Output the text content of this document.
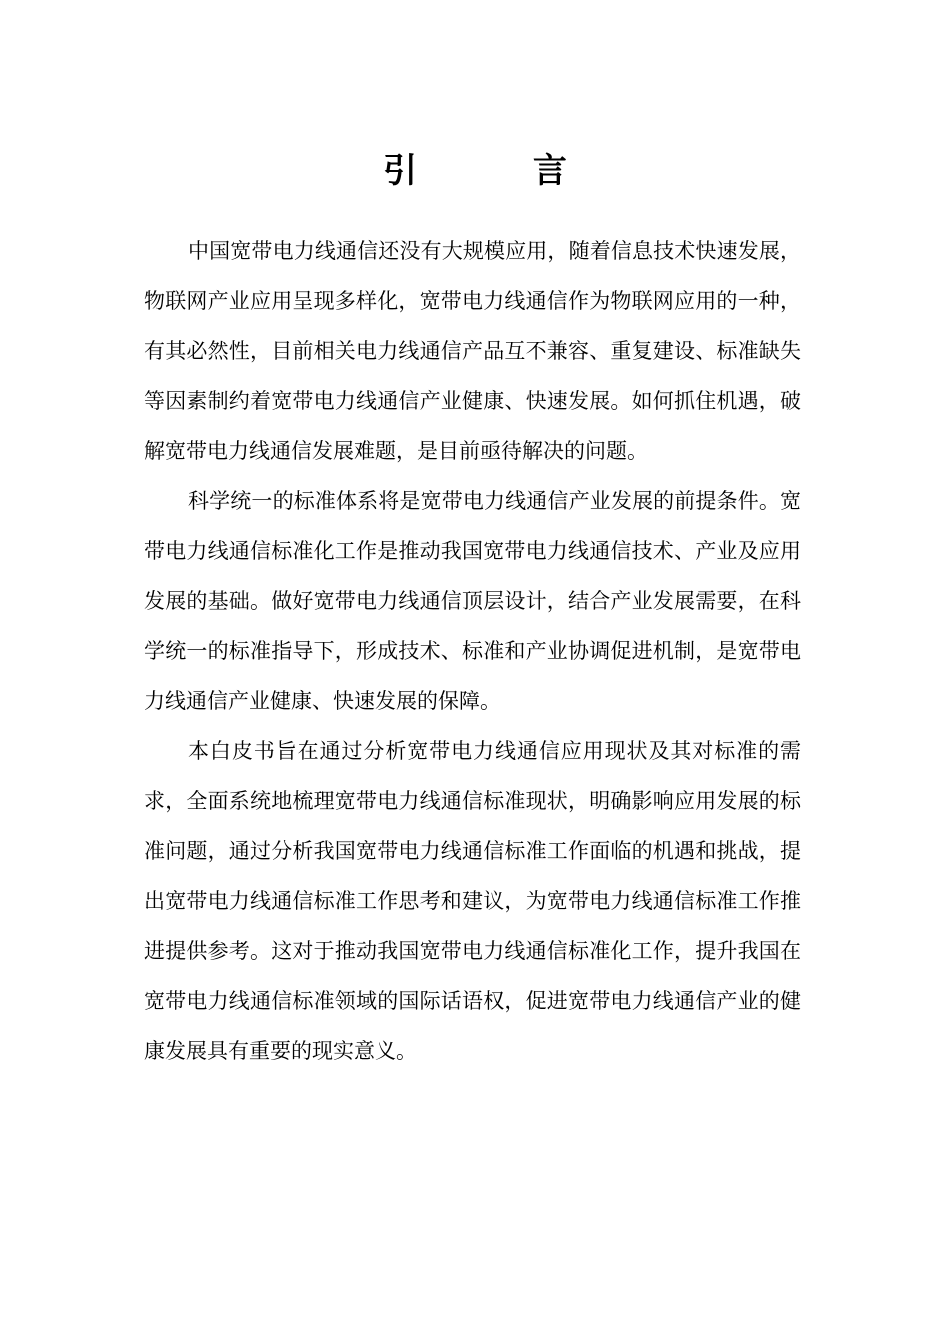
引 言

中国宽带电力线通信还没有大规模应用，随着信息技术快速发展，物联网产业应用呈现多样化，宽带电力线通信作为物联网应用的一种，有其必然性，目前相关电力线通信产品互不兼容、重复建设、标准缺失等因素制约着宽带电力线通信产业健康、快速发展。如何抓住机遇，破解宽带电力线通信发展难题，是目前亟待解决的问题。

科学统一的标准体系将是宽带电力线通信产业发展的前提条件。宽带电力线通信标准化工作是推动我国宽带电力线通信技术、产业及应用发展的基础。做好宽带电力线通信顶层设计，结合产业发展需要，在科学统一的标准指导下，形成技术、标准和产业协调促进机制，是宽带电力线通信产业健康、快速发展的保障。

本白皮书旨在通过分析宽带电力线通信应用现状及其对标准的需求，全面系统地梳理宽带电力线通信标准现状，明确影响应用发展的标准问题，通过分析我国宽带电力线通信标准工作面临的机遇和挑战，提出宽带电力线通信标准工作思考和建议，为宽带电力线通信标准工作推进提供参考。这对于推动我国宽带电力线通信标准化工作，提升我国在宽带电力线通信标准领域的国际话语权，促进宽带电力线通信产业的健康发展具有重要的现实意义。
